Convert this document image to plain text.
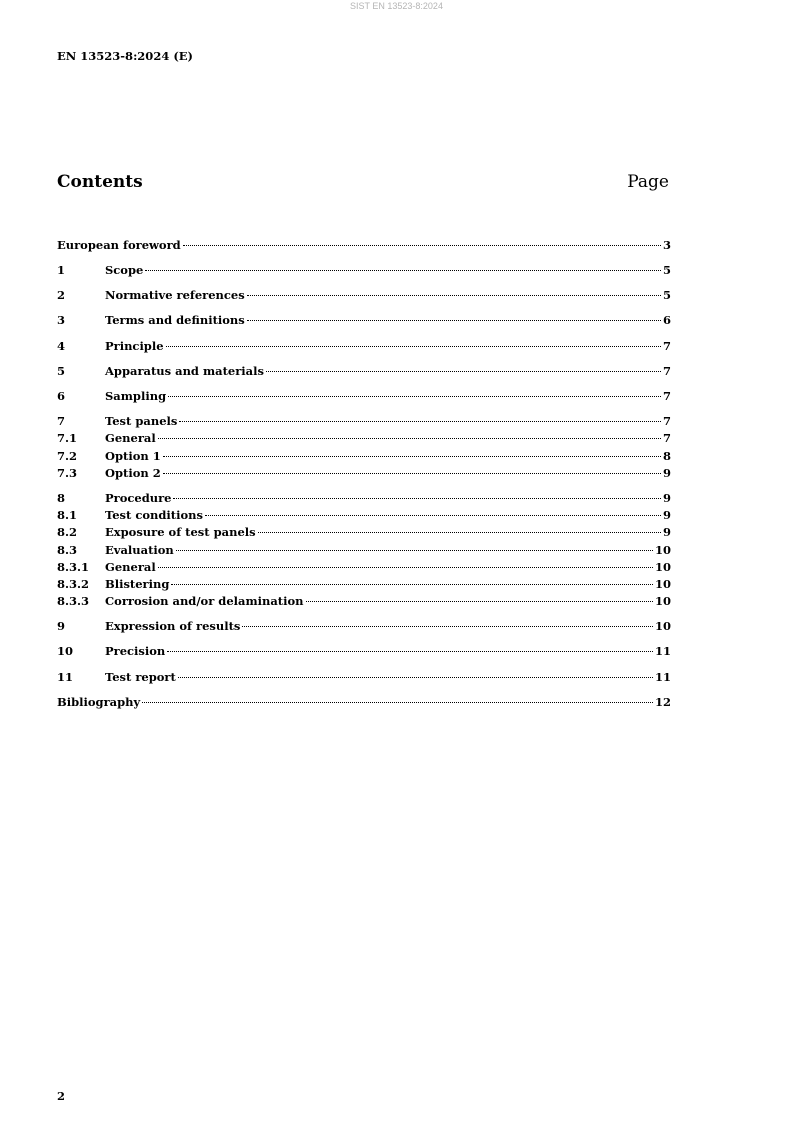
SIST EN 13523-8:2024
EN 13523-8:2024 (E)
Contents	Page
European foreword	3
1	Scope	5
2	Normative references	5
3	Terms and definitions	6
4	Principle	7
5	Apparatus and materials	7
6	Sampling	7
7	Test panels	7
7.1	General	7
7.2	Option 1	8
7.3	Option 2	9
8	Procedure	9
8.1	Test conditions	9
8.2	Exposure of test panels	9
8.3	Evaluation	10
8.3.1	General	10
8.3.2	Blistering	10
8.3.3	Corrosion and/or delamination	10
9	Expression of results	10
10	Precision	11
11	Test report	11
Bibliography	12
2
